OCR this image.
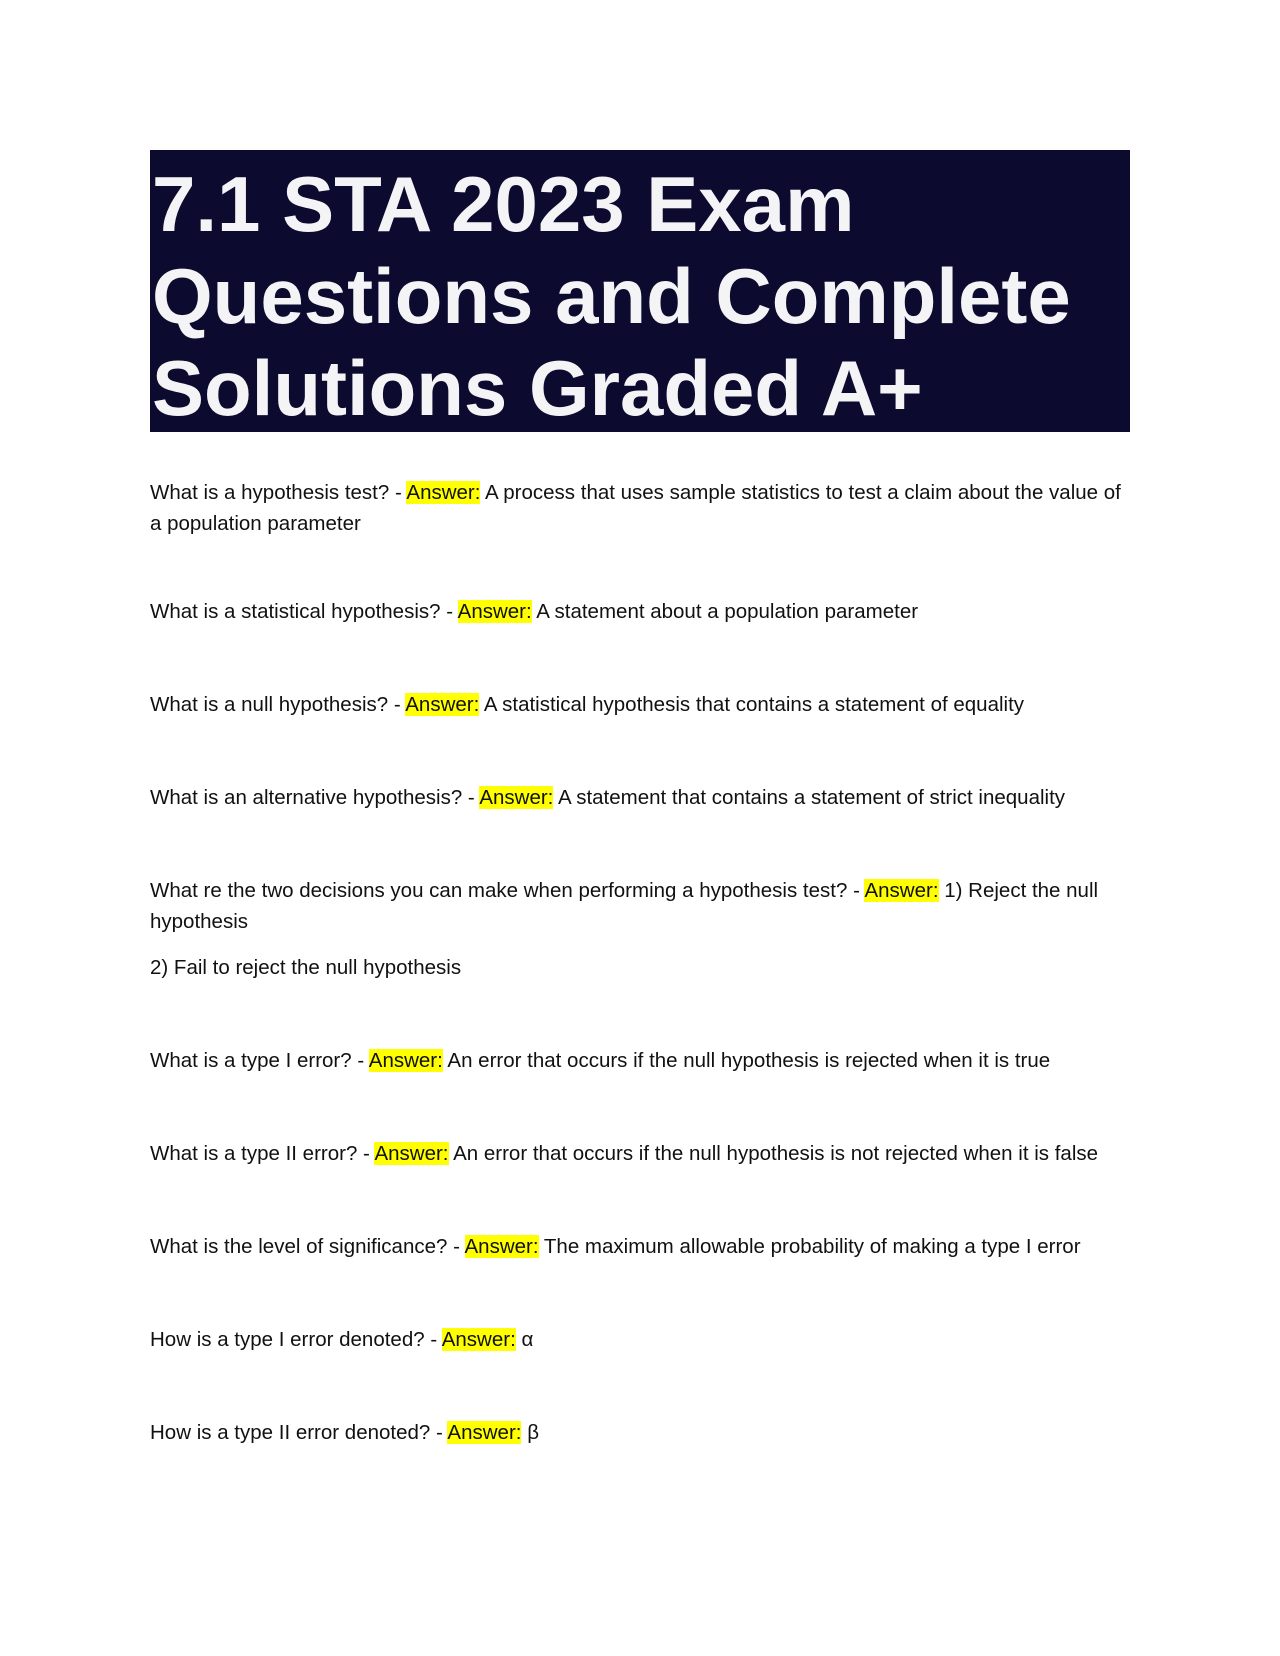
7.1 STA 2023 Exam Questions and Complete Solutions Graded A+

What is a hypothesis test? - Answer: A process that uses sample statistics to test a claim about the value of a population parameter

What is a statistical hypothesis? - Answer: A statement about a population parameter

What is a null hypothesis? - Answer: A statistical hypothesis that contains a statement of equality

What is an alternative hypothesis? - Answer: A statement that contains a statement of strict inequality

What re the two decisions you can make when performing a hypothesis test? - Answer: 1) Reject the null hypothesis

2) Fail to reject the null hypothesis

What is a type I error? - Answer: An error that occurs if the null hypothesis is rejected when it is true

What is a type II error? - Answer: An error that occurs if the null hypothesis is not rejected when it is false

What is the level of significance? - Answer: The maximum allowable probability of making a type I error

How is a type I error denoted? - Answer: α

How is a type II error denoted? - Answer: β
